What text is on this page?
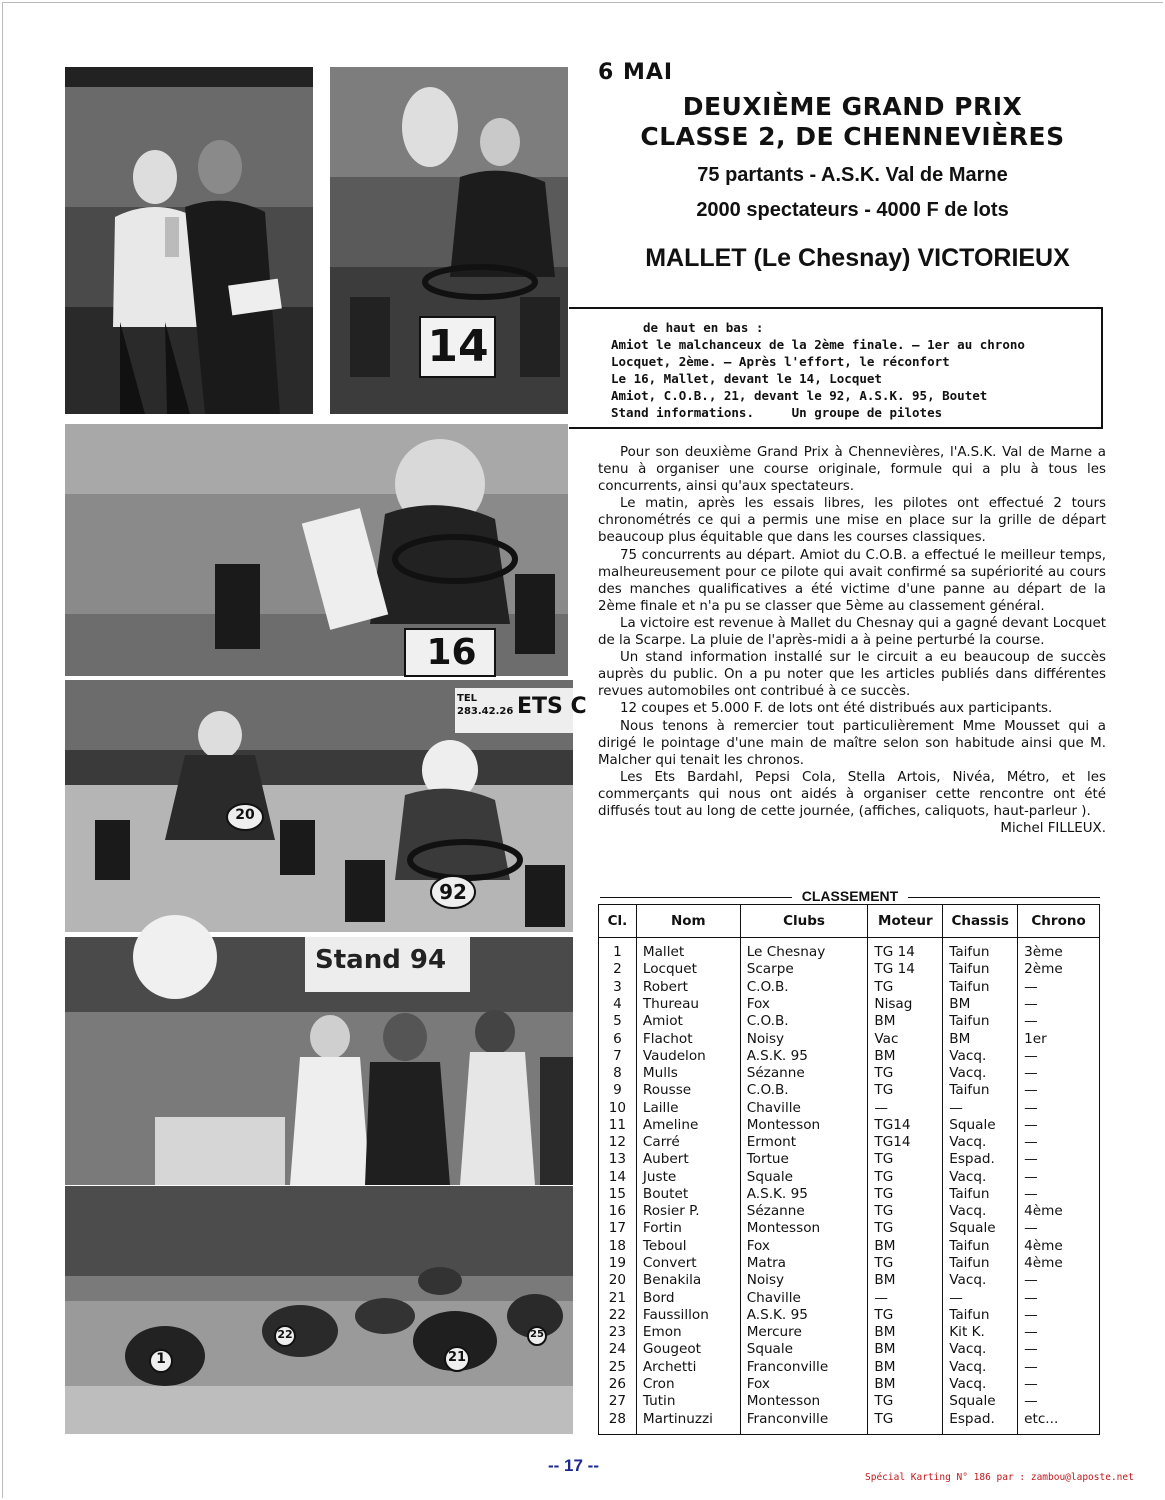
14
16
TEL 283.42.26 ETS C
20
92
Stand 94
1
22
21
25
6 MAI
DEUXIÈME GRAND PRIX
CLASSE 2, DE CHENNEVIÈRES
75 partants - A.S.K. Val de Marne
2000 spectateurs - 4000 F de lots
MALLET (Le Chesnay) VICTORIEUX
de haut en bas :
Amiot le malchanceux de la 2ème finale. — 1er au chrono
Locquet, 2ème. — Après l'effort, le réconfort
Le 16, Mallet, devant le 14, Locquet
Amiot, C.O.B., 21, devant le 92, A.S.K. 95, Boutet
Stand informations.     Un groupe de pilotes

Pour son deuxième Grand Prix à Chennevières, l'A.S.K. Val de Marne a tenu à organiser une course originale, formule qui a plu à tous les concurrents, ainsi qu'aux spectateurs.

Le matin, après les essais libres, les pilotes ont effectué 2 tours chronométrés ce qui a permis une mise en place sur la grille de départ beaucoup plus équitable que dans les courses classiques.

75 concurrents au départ. Amiot du C.O.B. a effectué le meilleur temps, malheureusement pour ce pilote qui avait confirmé sa supériorité au cours des manches qualificatives a été victime d'une panne au départ de la 2ème finale et n'a pu se classer que 5ème au classement général.

La victoire est revenue à Mallet du Chesnay qui a gagné devant Locquet de la Scarpe. La pluie de l'après-midi a à peine perturbé la course.

Un stand information installé sur le circuit a eu beaucoup de succès auprès du public. On a pu noter que les articles publiés dans différentes revues automobiles ont contribué à ce succès.

12 coupes et 5.000 F. de lots ont été distribués aux participants.

Nous tenons à remercier tout particulièrement Mme Mousset qui a dirigé le pointage d'une main de maître selon son habitude ainsi que M. Malcher qui tenait les chronos.

Les Ets Bardahl, Pepsi Cola, Stella Artois, Nivéa, Métro, et les commerçants qui nous ont aidés à organiser cette rencontre ont été diffusés tout au long de cette journée, (affiches, caliquots, haut-parleur ).

Michel FILLEUX.
CLASSEMENT
Cl.	Nom	Clubs	Moteur	Chassis	Chrono
1	Mallet	Le Chesnay	TG 14	Taifun	3ème
2	Locquet	Scarpe	TG 14	Taifun	2ème
3	Robert	C.O.B.	TG	Taifun	—
4	Thureau	Fox	Nisag	BM	—
5	Amiot	C.O.B.	BM	Taifun	—
6	Flachot	Noisy	Vac	BM	1er
7	Vaudelon	A.S.K. 95	BM	Vacq.	—
8	Mulls	Sézanne	TG	Vacq.	—
9	Rousse	C.O.B.	TG	Taifun	—
10	Laille	Chaville	—	—	—
11	Ameline	Montesson	TG14	Squale	—
12	Carré	Ermont	TG14	Vacq.	—
13	Aubert	Tortue	TG	Espad.	—
14	Juste	Squale	TG	Vacq.	—
15	Boutet	A.S.K. 95	TG	Taifun	—
16	Rosier P.	Sézanne	TG	Vacq.	4ème
17	Fortin	Montesson	TG	Squale	—
18	Teboul	Fox	BM	Taifun	4ème
19	Convert	Matra	TG	Taifun	4ème
20	Benakila	Noisy	BM	Vacq.	—
21	Bord	Chaville	—	—	—
22	Faussillon	A.S.K. 95	TG	Taifun	—
23	Emon	Mercure	BM	Kit K.	—
24	Gougeot	Squale	BM	Vacq.	—
25	Archetti	Franconville	BM	Vacq.	—
26	Cron	Fox	BM	Vacq.	—
27	Tutin	Montesson	TG	Squale	—
28	Martinuzzi	Franconville	TG	Espad.	etc...
-- 17 --
Spécial Karting N° 186 par : zambou@laposte.net
